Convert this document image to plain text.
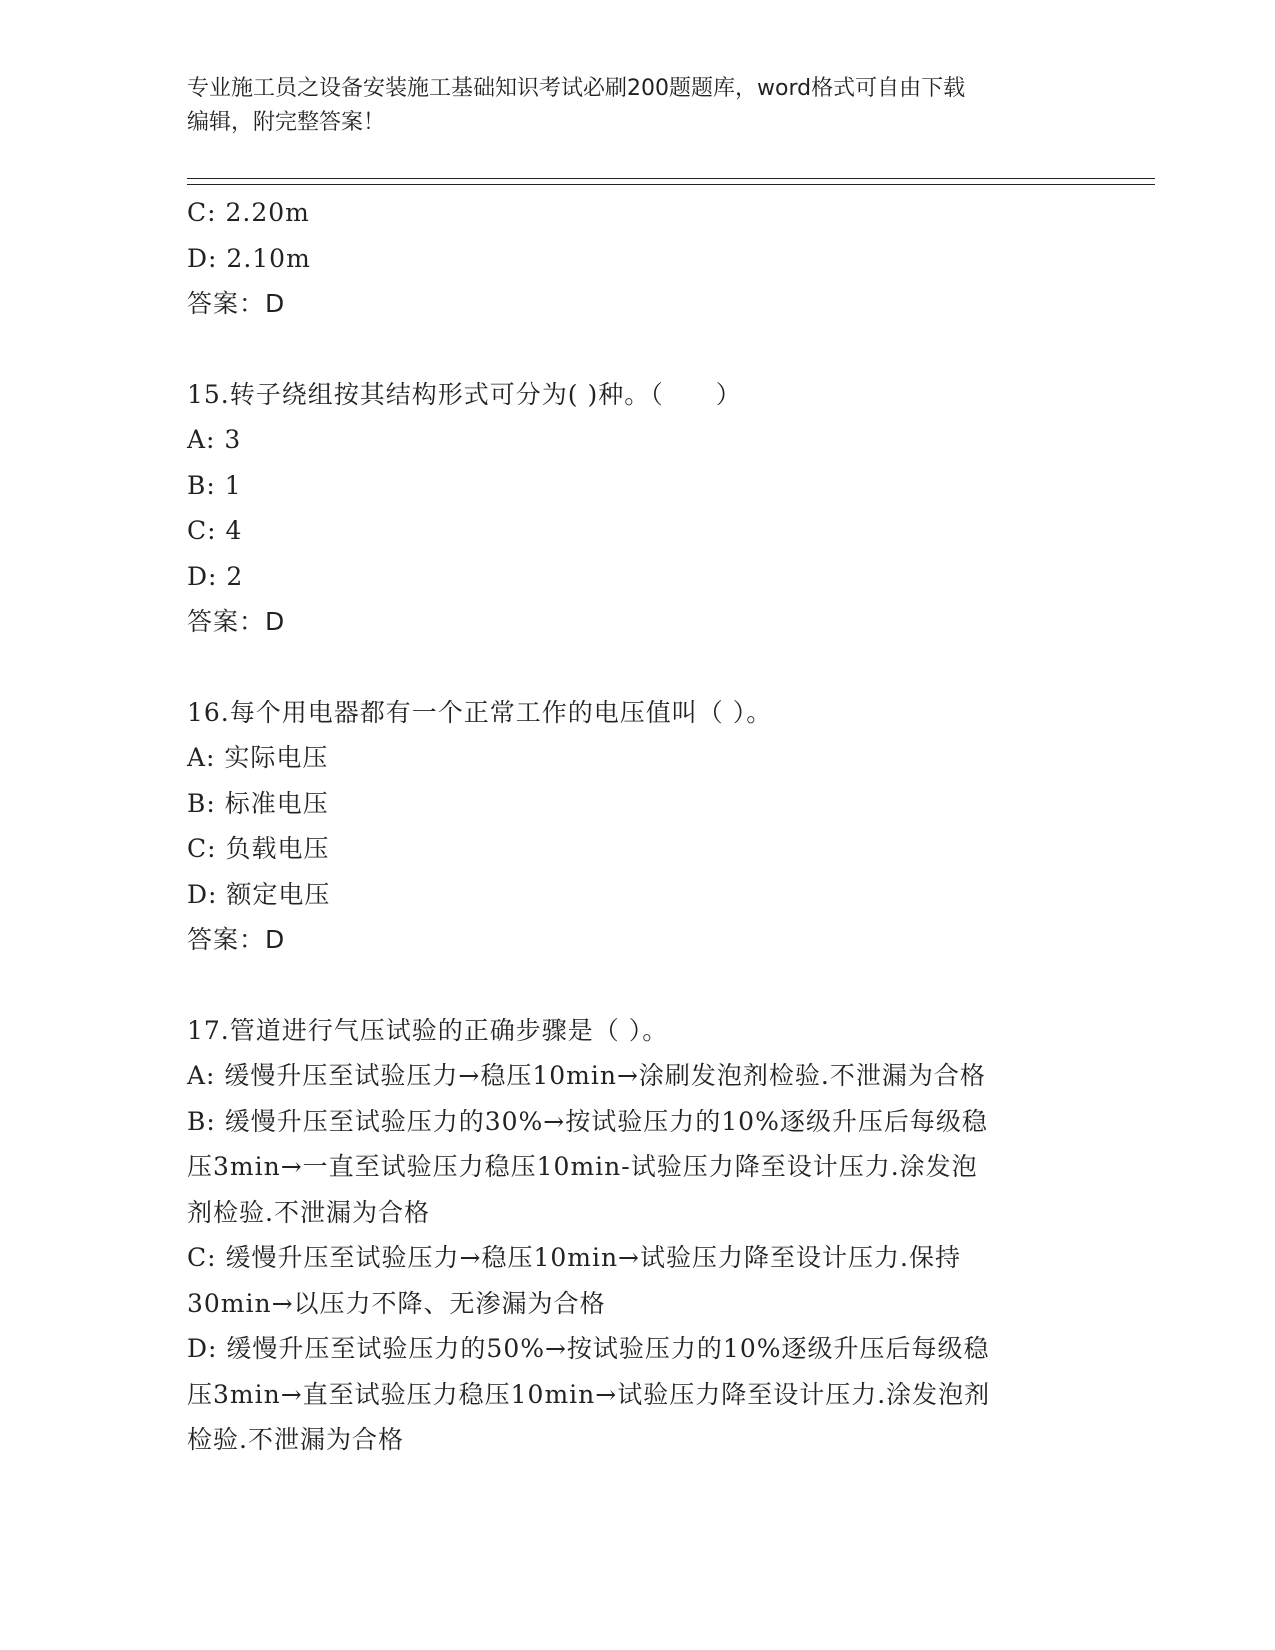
专业施工员之设备安装施工基础知识考试必刷200题题库，word格式可自由下载
编辑，附完整答案！
C: 2.20m
D: 2.10m
答案：D
15.转子绕组按其结构形式可分为( )种。（　　）
A: 3
B: 1
C: 4
D: 2
答案：D
16.每个用电器都有一个正常工作的电压值叫（ ）。
A: 实际电压
B: 标准电压
C: 负载电压
D: 额定电压
答案：D
17.管道进行气压试验的正确步骤是（ ）。
A: 缓慢升压至试验压力→稳压10min→涂刷发泡剂检验.不泄漏为合格
B: 缓慢升压至试验压力的30%→按试验压力的10%逐级升压后每级稳
压3min→一直至试验压力稳压10min-试验压力降至设计压力.涂发泡
剂检验.不泄漏为合格
C: 缓慢升压至试验压力→稳压10min→试验压力降至设计压力.保持
30min→以压力不降、无渗漏为合格
D: 缓慢升压至试验压力的50%→按试验压力的10%逐级升压后每级稳
压3min→直至试验压力稳压10min→试验压力降至设计压力.涂发泡剂
检验.不泄漏为合格
